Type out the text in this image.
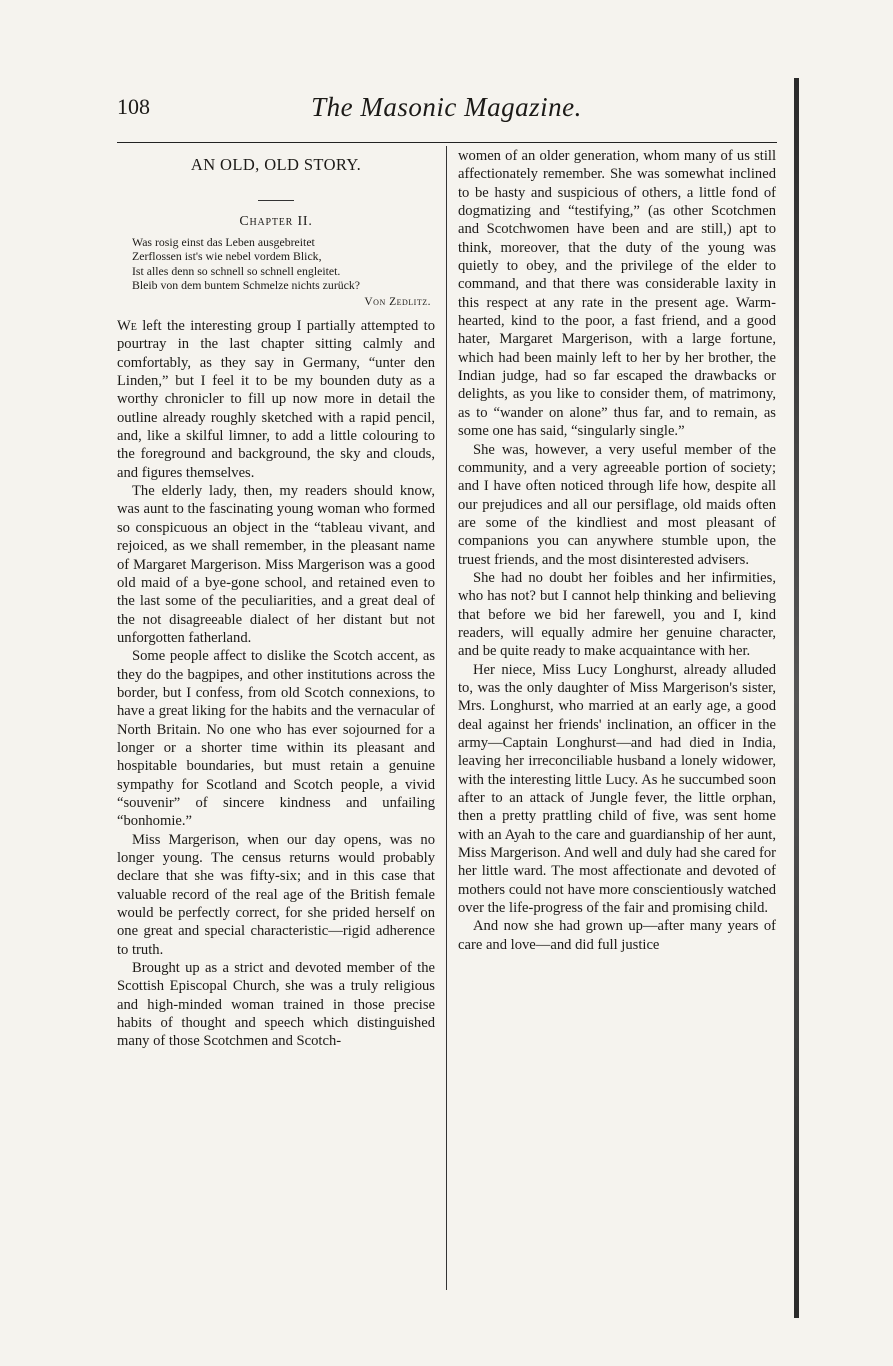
108	The Masonic Magazine.
AN OLD, OLD STORY.
Chapter II.
Was rosig einst das Leben ausgebreitet
Zerflossen ist's wie nebel vordem Blick,
Ist alles denn so schnell so schnell engleitet.
Bleib von dem buntem Schmelze nichts zurück?
Von Zedlitz.

We left the interesting group I partially attempted to pourtray in the last chapter sitting calmly and comfortably, as they say in Germany, “unter den Linden,” but I feel it to be my bounden duty as a worthy chronicler to fill up now more in detail the outline already roughly sketched with a rapid pencil, and, like a skilful limner, to add a little colouring to the foreground and background, the sky and clouds, and figures themselves.

The elderly lady, then, my readers should know, was aunt to the fascinating young woman who formed so conspicuous an object in the “tableau vivant, and rejoiced, as we shall remember, in the pleasant name of Margaret Margerison. Miss Margerison was a good old maid of a bye-gone school, and retained even to the last some of the peculiarities, and a great deal of the not disagreeable dialect of her distant but not unforgotten fatherland.

Some people affect to dislike the Scotch accent, as they do the bagpipes, and other institutions across the border, but I confess, from old Scotch connexions, to have a great liking for the habits and the vernacular of North Britain. No one who has ever sojourned for a longer or a shorter time within its pleasant and hospitable boundaries, but must retain a genuine sympathy for Scotland and Scotch people, a vivid “souvenir” of sincere kindness and unfailing “bonhomie.”

Miss Margerison, when our day opens, was no longer young. The census returns would probably declare that she was fifty-six; and in this case that valuable record of the real age of the British female would be perfectly correct, for she prided herself on one great and special characteristic—rigid adherence to truth.

Brought up as a strict and devoted member of the Scottish Episcopal Church, she was a truly religious and high-minded woman trained in those precise habits of thought and speech which distinguished many of those Scotchmen and Scotch-

women of an older generation, whom many of us still affectionately remember. She was somewhat inclined to be hasty and suspicious of others, a little fond of dogmatizing and “testifying,” (as other Scotchmen and Scotchwomen have been and are still,) apt to think, moreover, that the duty of the young was quietly to obey, and the privilege of the elder to command, and that there was considerable laxity in this respect at any rate in the present age. Warm-hearted, kind to the poor, a fast friend, and a good hater, Margaret Margerison, with a large fortune, which had been mainly left to her by her brother, the Indian judge, had so far escaped the drawbacks or delights, as you like to consider them, of matrimony, as to “wander on alone” thus far, and to remain, as some one has said, “singularly single.”

She was, however, a very useful member of the community, and a very agreeable portion of society; and I have often noticed through life how, despite all our prejudices and all our persiflage, old maids often are some of the kindliest and most pleasant of companions you can anywhere stumble upon, the truest friends, and the most disinterested advisers.

She had no doubt her foibles and her infirmities, who has not? but I cannot help thinking and believing that before we bid her farewell, you and I, kind readers, will equally admire her genuine character, and be quite ready to make acquaintance with her.

Her niece, Miss Lucy Longhurst, already alluded to, was the only daughter of Miss Margerison's sister, Mrs. Longhurst, who married at an early age, a good deal against her friends' inclination, an officer in the army—Captain Longhurst—and had died in India, leaving her irreconciliable husband a lonely widower, with the interesting little Lucy. As he succumbed soon after to an attack of Jungle fever, the little orphan, then a pretty prattling child of five, was sent home with an Ayah to the care and guardianship of her aunt, Miss Margerison. And well and duly had she cared for her little ward. The most affectionate and devoted of mothers could not have more conscientiously watched over the life-progress of the fair and promising child.

And now she had grown up—after many years of care and love—and did full justice
